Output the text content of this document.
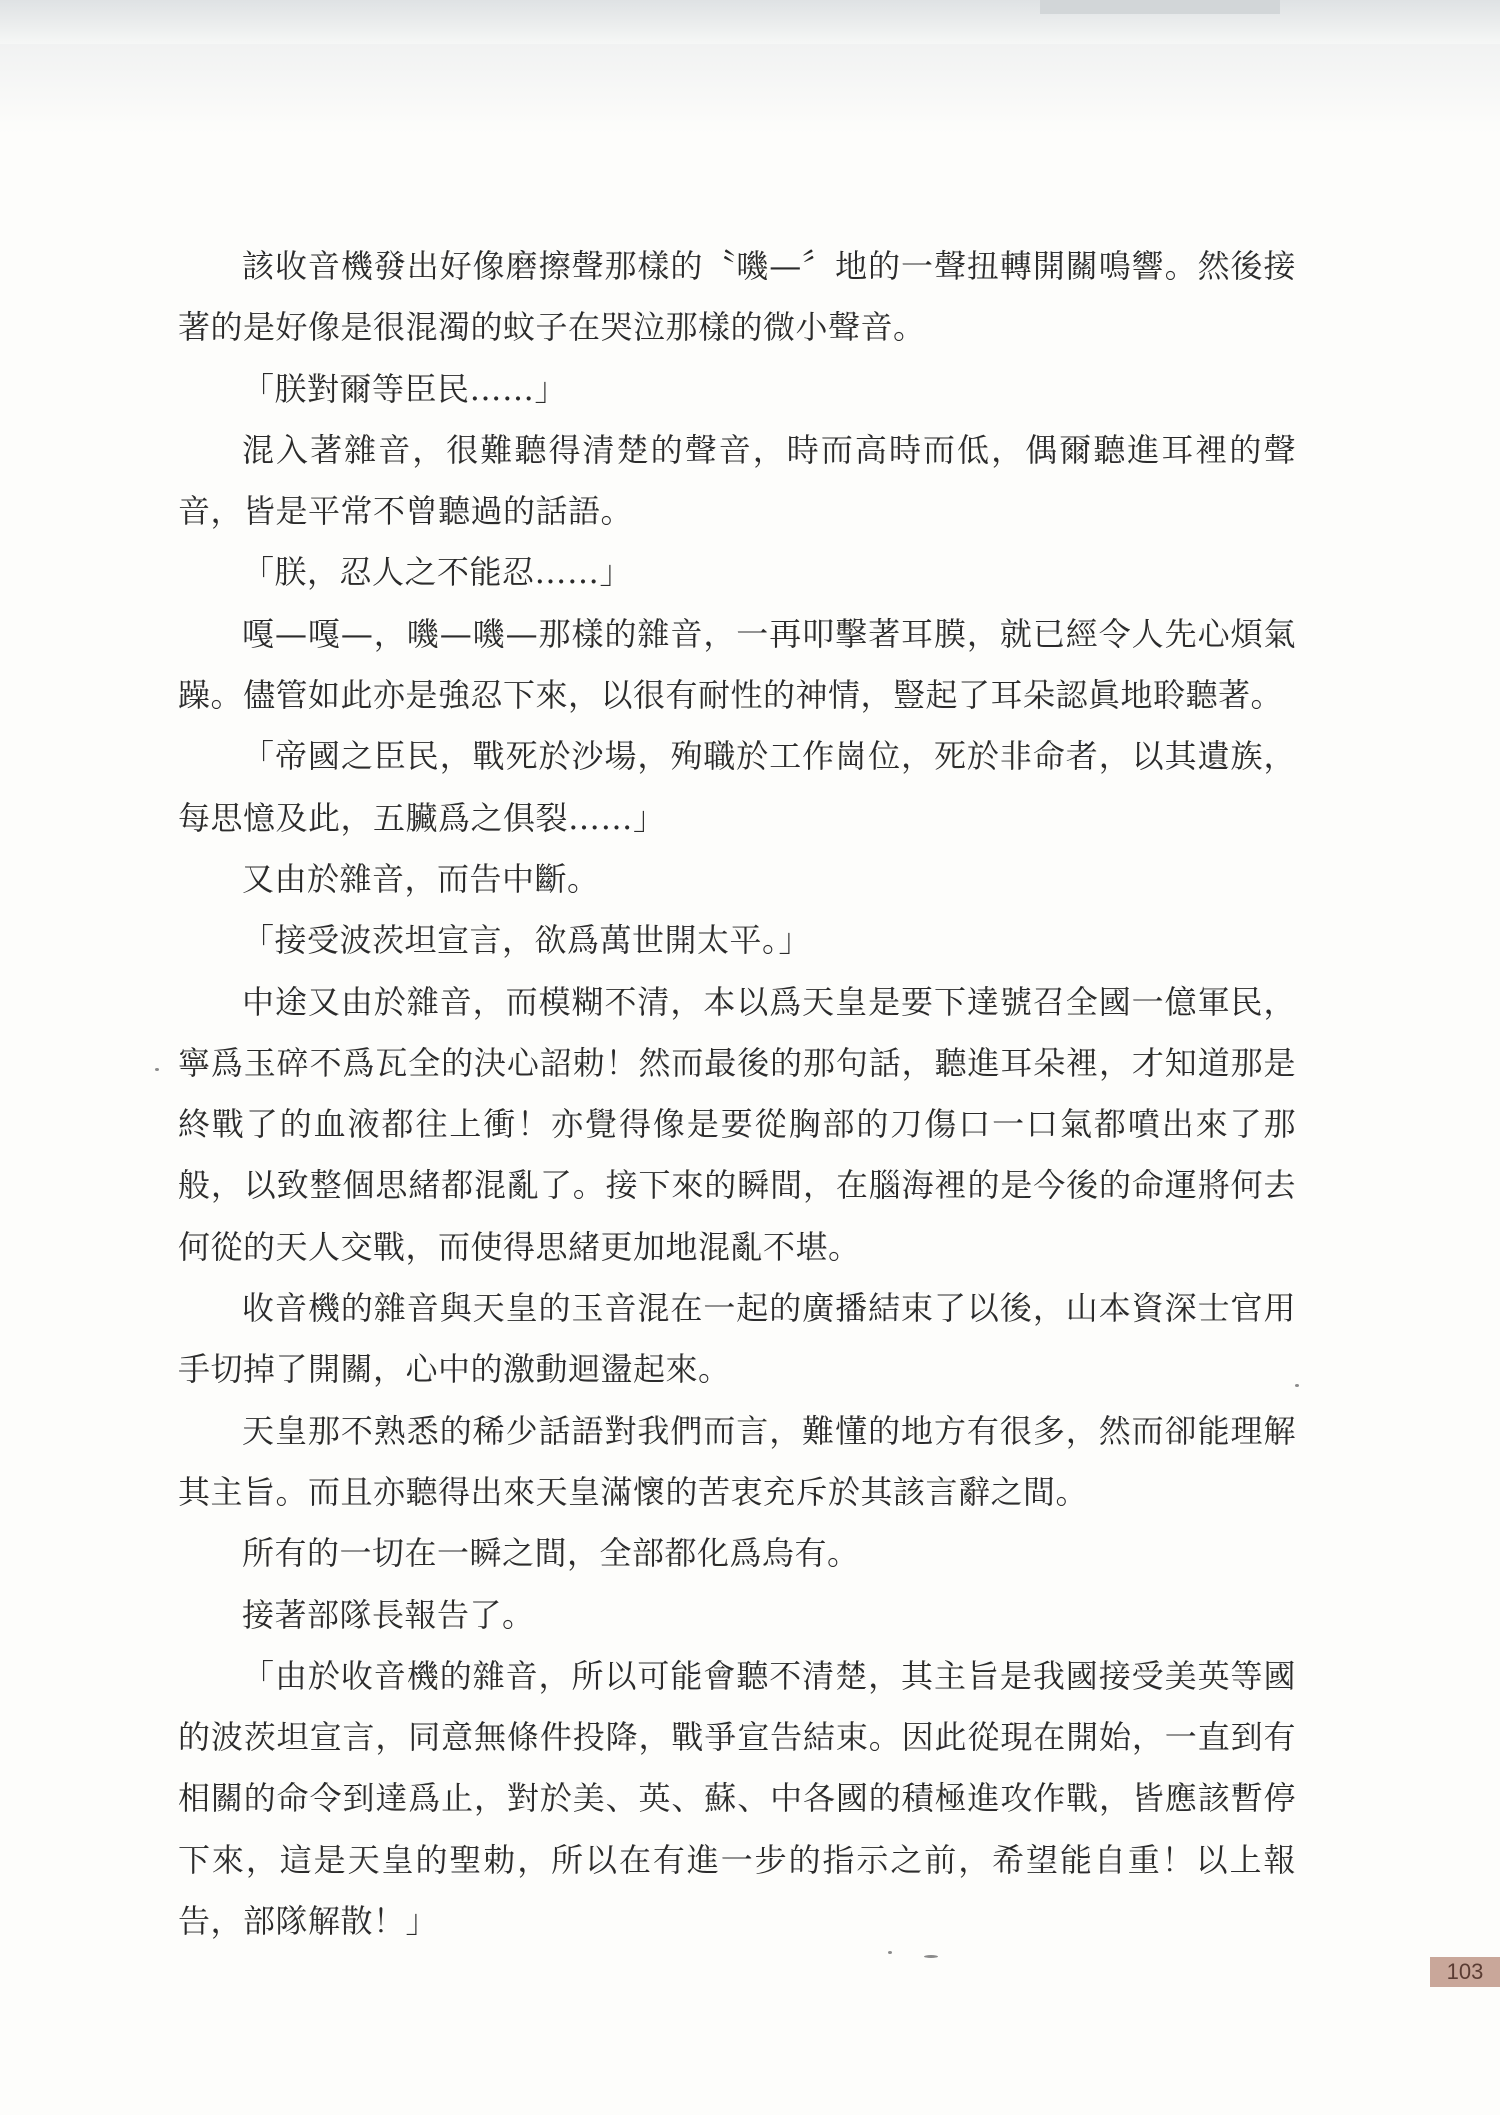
該收音機發出好像磨擦聲那樣的〝嘰—〞地的一聲扭轉開關鳴響。然後接著的是好像是很混濁的蚊子在哭泣那樣的微小聲音。

「朕對爾等臣民……」

混入著雜音，很難聽得清楚的聲音，時而高時而低，偶爾聽進耳裡的聲音，皆是平常不曾聽過的話語。

「朕，忍人之不能忍……」

嘎—嘎—，嘰—嘰—那樣的雜音，一再叩擊著耳膜，就已經令人先心煩氣躁。儘管如此亦是強忍下來，以很有耐性的神情，豎起了耳朵認眞地聆聽著。

「帝國之臣民，戰死於沙場，殉職於工作崗位，死於非命者，以其遺族，每思憶及此，五臟爲之俱裂……」

又由於雜音，而告中斷。

「接受波茨坦宣言，欲爲萬世開太平。」

中途又由於雜音，而模糊不清，本以爲天皇是要下達號召全國一億軍民，寧爲玉碎不爲瓦全的決心詔勅！然而最後的那句話，聽進耳朵裡，才知道那是終戰了的血液都往上衝！亦覺得像是要從胸部的刀傷口一口氣都噴出來了那般，以致整個思緒都混亂了。接下來的瞬間，在腦海裡的是今後的命運將何去何從的天人交戰，而使得思緒更加地混亂不堪。

收音機的雜音與天皇的玉音混在一起的廣播結束了以後，山本資深士官用手切掉了開關，心中的激動迴盪起來。

天皇那不熟悉的稀少話語對我們而言，難懂的地方有很多，然而卻能理解其主旨。而且亦聽得出來天皇滿懷的苦衷充斥於其該言辭之間。

所有的一切在一瞬之間，全部都化爲烏有。

接著部隊長報告了。

「由於收音機的雜音，所以可能會聽不清楚，其主旨是我國接受美英等國的波茨坦宣言，同意無條件投降，戰爭宣告結束。因此從現在開始，一直到有相關的命令到達爲止，對於美、英、蘇、中各國的積極進攻作戰，皆應該暫停下來，這是天皇的聖勅，所以在有進一步的指示之前，希望能自重！以上報告，部隊解散！」

103
